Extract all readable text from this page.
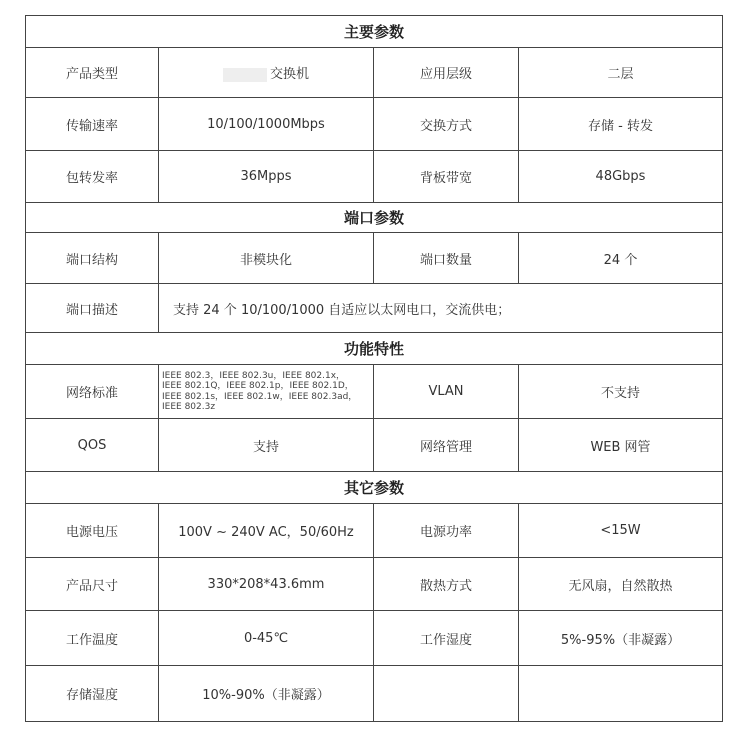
主要参数			
产品类型	交换机	应用层级	二层
传输速率	10/100/1000Mbps	交换方式	存储 - 转发
包转发率	36Mpps	背板带宽	48Gbps
端口参数			
端口结构	非模块化	端口数量	24 个
端口描述	支持 24 个 10/100/1000 自适应以太网电口，交流供电；		
功能特性			
网络标准	IEEE 802.3，IEEE 802.3u，IEEE 802.1x，
IEEE 802.1Q，IEEE 802.1p，IEEE 802.1D，
IEEE 802.1s，IEEE 802.1w，IEEE 802.3ad，
IEEE 802.3z	VLAN	不支持
QOS	支持	网络管理	WEB 网管
其它参数			
电源电压	100V ~ 240V AC，50/60Hz	电源功率	<15W
产品尺寸	330*208*43.6mm	散热方式	无风扇，自然散热
工作温度	0-45℃	工作湿度	5%-95%（非凝露）
存储湿度	10%-90%（非凝露）		
